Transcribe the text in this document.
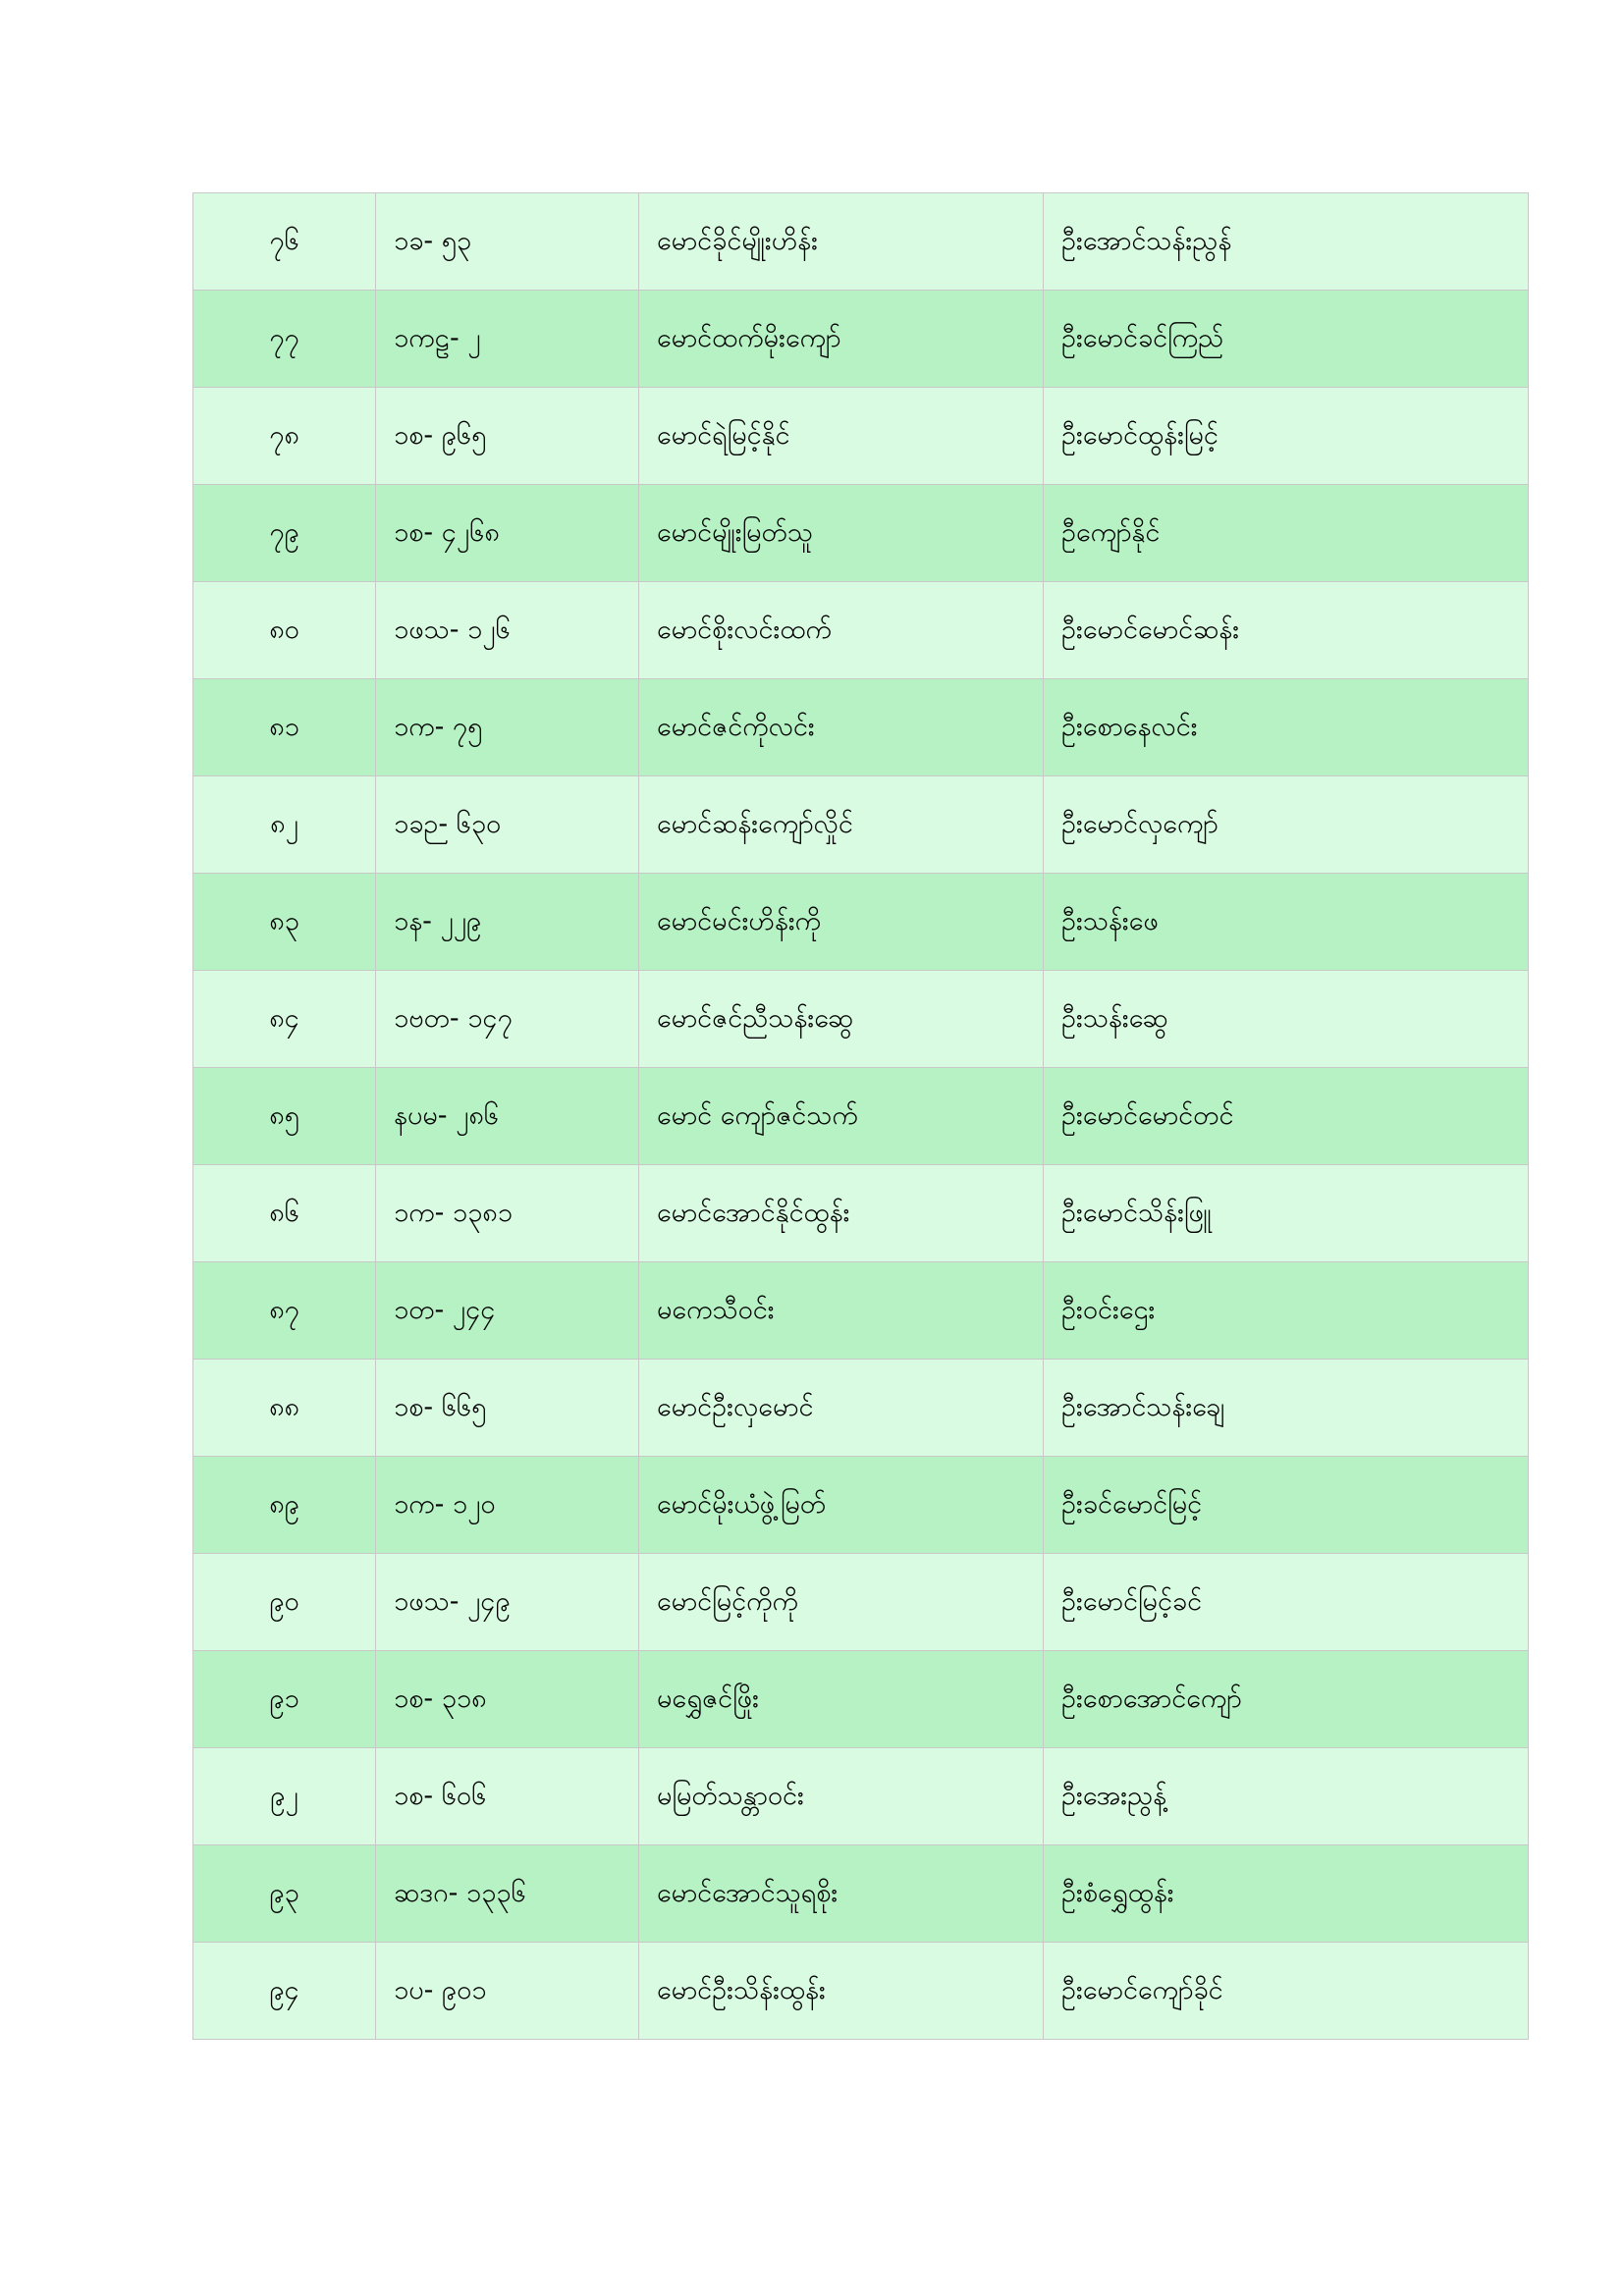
၇၆	၁ခ- ၅၃	မောင်ခိုင်မျိုးဟိန်း	ဦးအောင်သန်းညွန်
၇၇	၁ကဠ- ၂	မောင်ထက်မိုးကျော်	ဦးမောင်ခင်ကြည်
၇၈	၁စ- ၉၆၅	မောင်ရဲမြင့်နိုင်	ဦးမောင်ထွန်းမြင့်
၇၉	၁စ- ၄၂၆၈	မောင်မျိုးမြတ်သူ	ဦကျော်နိုင်
၈၀	၁ဖသ- ၁၂၆	မောင်စိုးလင်းထက်	ဦးမောင်မောင်ဆန်း
၈၁	၁က- ၇၅	မောင်ဇင်ကိုလင်း	ဦးစောနေလင်း
၈၂	၁ခဉ- ၆၃၀	မောင်ဆန်းကျော်လှိုင်	ဦးမောင်လှကျော်
၈၃	၁န- ၂၂၉	မောင်မင်းဟိန်းကို	ဦးသန်းဖေ
၈၄	၁ဗတ- ၁၄၇	မောင်ဇင်ညီသန်းဆွေ	ဦးသန်းဆွေ
၈၅	နပမ- ၂၈၆	မောင် ကျော်ဇင်သက်	ဦးမောင်မောင်တင်
၈၆	၁က- ၁၃၈၁	မောင်အောင်နိုင်ထွန်း	ဦးမောင်သိန်းဖြူ
၈၇	၁တ- ၂၄၄	မကေသီဝင်း	ဦးဝင်းဌေး
၈၈	၁စ- ၆၆၅	မောင်ဦးလှမောင်	ဦးအောင်သန်းချေ
၈၉	၁က- ၁၂၀	မောင်မိုးယံဖွဲ့မြတ်	ဦးခင်မောင်မြင့်
၉၀	၁ဖသ- ၂၄၉	မောင်မြင့်ကိုကို	ဦးမောင်မြင့်ခင်
၉၁	၁စ- ၃၁၈	မရွှေဇင်ဖြိုး	ဦးစောအောင်ကျော်
၉၂	၁စ- ၆၀၆	မမြတ်သန္တာဝင်း	ဦးအေးညွန့်
၉၃	ဆဒဂ- ၁၃၃၆	မောင်အောင်သူရစိုး	ဦးစံရွှေထွန်း
၉၄	၁ပ- ၉၀၁	မောင်ဦးသိန်းထွန်း	ဦးမောင်ကျော်ခိုင်
